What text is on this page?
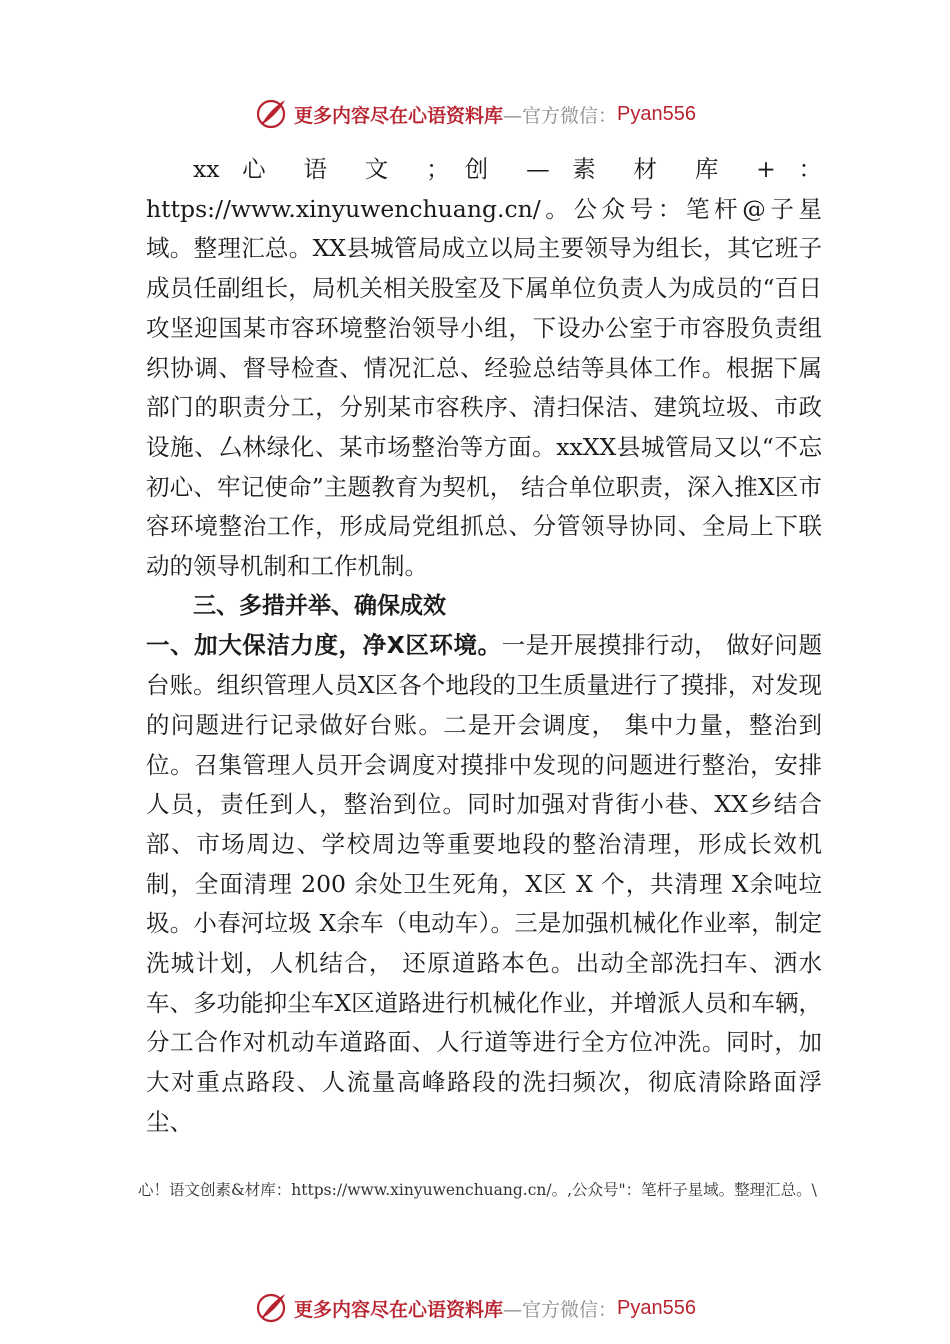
更多内容尽在心语资料库 —官方微信： Pyan556

xx 心 语 文 ；创 — 素 材 库 + ： https://www.xinyuwenchuang.cn/。公众号：笔杆@子星域。整理汇总。XX县城管局成立以局主要领导为组长，其它班子成员任副组长，局机关相关股室及下属单位负责人为成员的“百日攻坚迎国某市容环境整治领导小组，下设办公室于市容股负责组织协调、督导检查、情况汇总、经验总结等具体工作。根据下属部门的职责分工，分别某市容秩序、清扫保洁、建筑垃圾、市政设施、厶林绿化、某市场整治等方面。xxXX县城管局又以“不忘初心、牢记使命”主题教育为契机， 结合单位职责，深入推X区市容环境整治工作，形成局党组抓总、分管领导协同、全局上下联动的领导机制和工作机制。

三、多措并举、确保成效

一、加大保洁力度，净X区环境。一是开展摸排行动， 做好问题台账。组织管理人员X区各个地段的卫生质量进行了摸排，对发现的问题进行记录做好台账。二是开会调度， 集中力量，整治到位。召集管理人员开会调度对摸排中发现的问题进行整治，安排人员，责任到人，整治到位。同时加强对背街小巷、XX乡结合部、市场周边、学校周边等重要地段的整治清理，形成长效机制，全面清理 200 余处卫生死角，X区 X 个，共清理 X余吨垃圾。小春河垃圾 X余车（电动车）。三是加强机械化作业率，制定洗城计划，人机结合， 还原道路本色。出动全部洗扫车、洒水车、多功能抑尘车X区道路进行机械化作业，并增派人员和车辆，分工合作对机动车道路面、人行道等进行全方位冲洗。同时，加大对重点路段、人流量高峰路段的洗扫频次，彻底清除路面浮尘、

心！语文创素&材库：https://www.xinyuwenchuang.cn/。,公众号"：笔杆子星域。整理汇总。\
更多内容尽在心语资料库 —官方微信： Pyan556
